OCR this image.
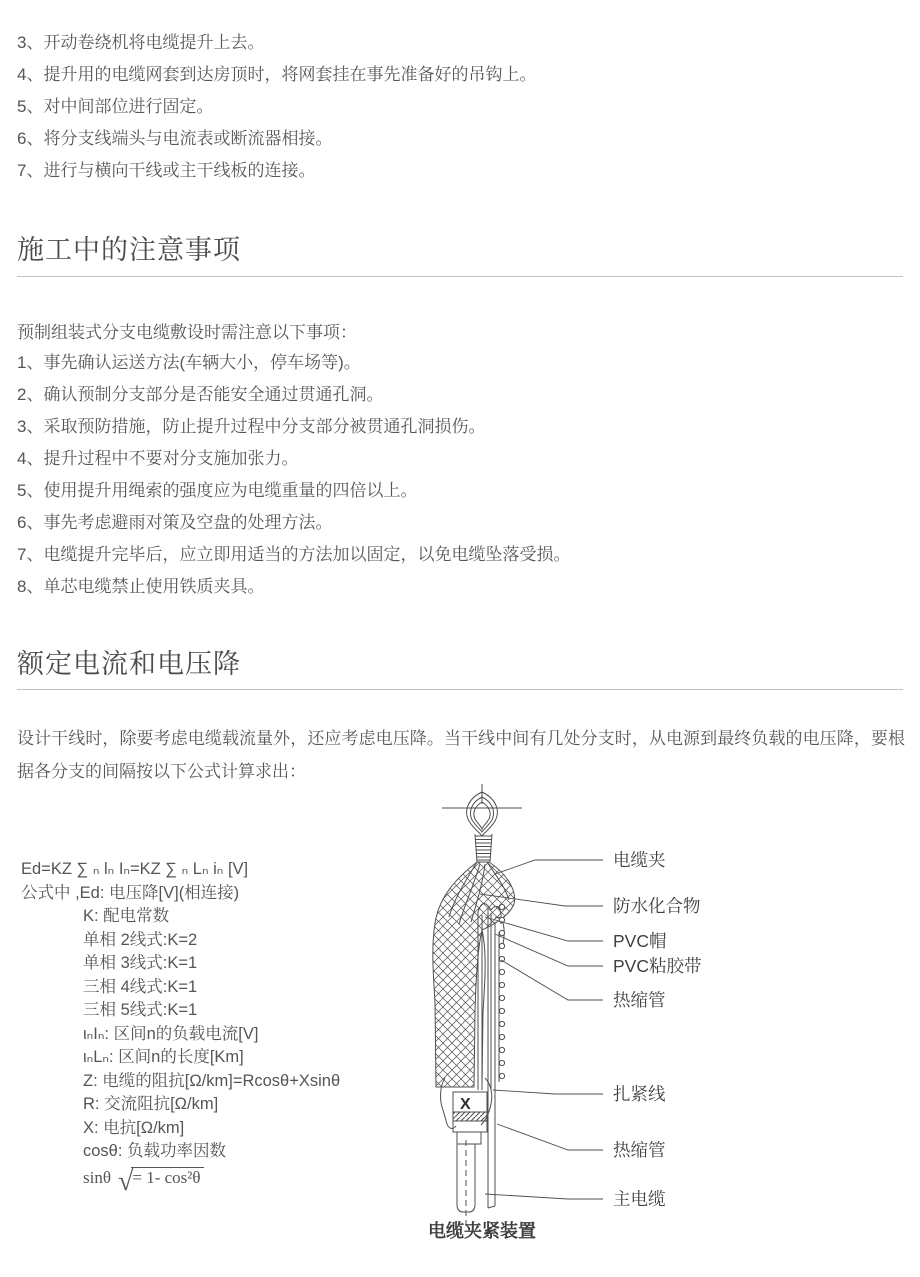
3、开动卷绕机将电缆提升上去。
4、提升用的电缆网套到达房顶时，将网套挂在事先准备好的吊钩上。
5、对中间部位进行固定。
6、将分支线端头与电流表或断流器相接。
7、进行与横向干线或主干线板的连接。
施工中的注意事项
预制组装式分支电缆敷设时需注意以下事项：
1、事先确认运送方法(车辆大小，停车场等)。
2、确认预制分支部分是否能安全通过贯通孔洞。
3、采取预防措施，防止提升过程中分支部分被贯通孔洞损伤。
4、提升过程中不要对分支施加张力。
5、使用提升用绳索的强度应为电缆重量的四倍以上。
6、事先考虑避雨对策及空盘的处理方法。
7、电缆提升完毕后，应立即用适当的方法加以固定，以免电缆坠落受损。
8、单芯电缆禁止使用铁质夹具。
额定电流和电压降
设计干线时，除要考虑电缆载流量外，还应考虑电压降。当干线中间有几处分支时，从电源到最终负载的电压降，要根据各分支的间隔按以下公式计算求出：
Ed=KZ ∑ ₙ lₙ Iₙ=KZ ∑ ₙ Lₙ iₙ [V]
公式中 ,Ed: 电压降[V](相连接)
K: 配电常数
单相 2线式:K=2
单相 3线式:K=1
三相 4线式:K=1
三相 5线式:K=1
ιₙIₙ: 区间n的负载电流[V]
ιₙLₙ: 区间n的长度[Km]
Z: 电缆的阻抗[Ω/km]=Rcosθ+Xsinθ
R: 交流阻抗[Ω/km]
X: 电抗[Ω/km]
cosθ: 负载功率因数
sinθ √= 1- cos²θ
X
电缆夹
防水化合物
PVC帽
PVC粘胶带
热缩管
扎紧线
热缩管
主电缆
电缆夹紧装置
